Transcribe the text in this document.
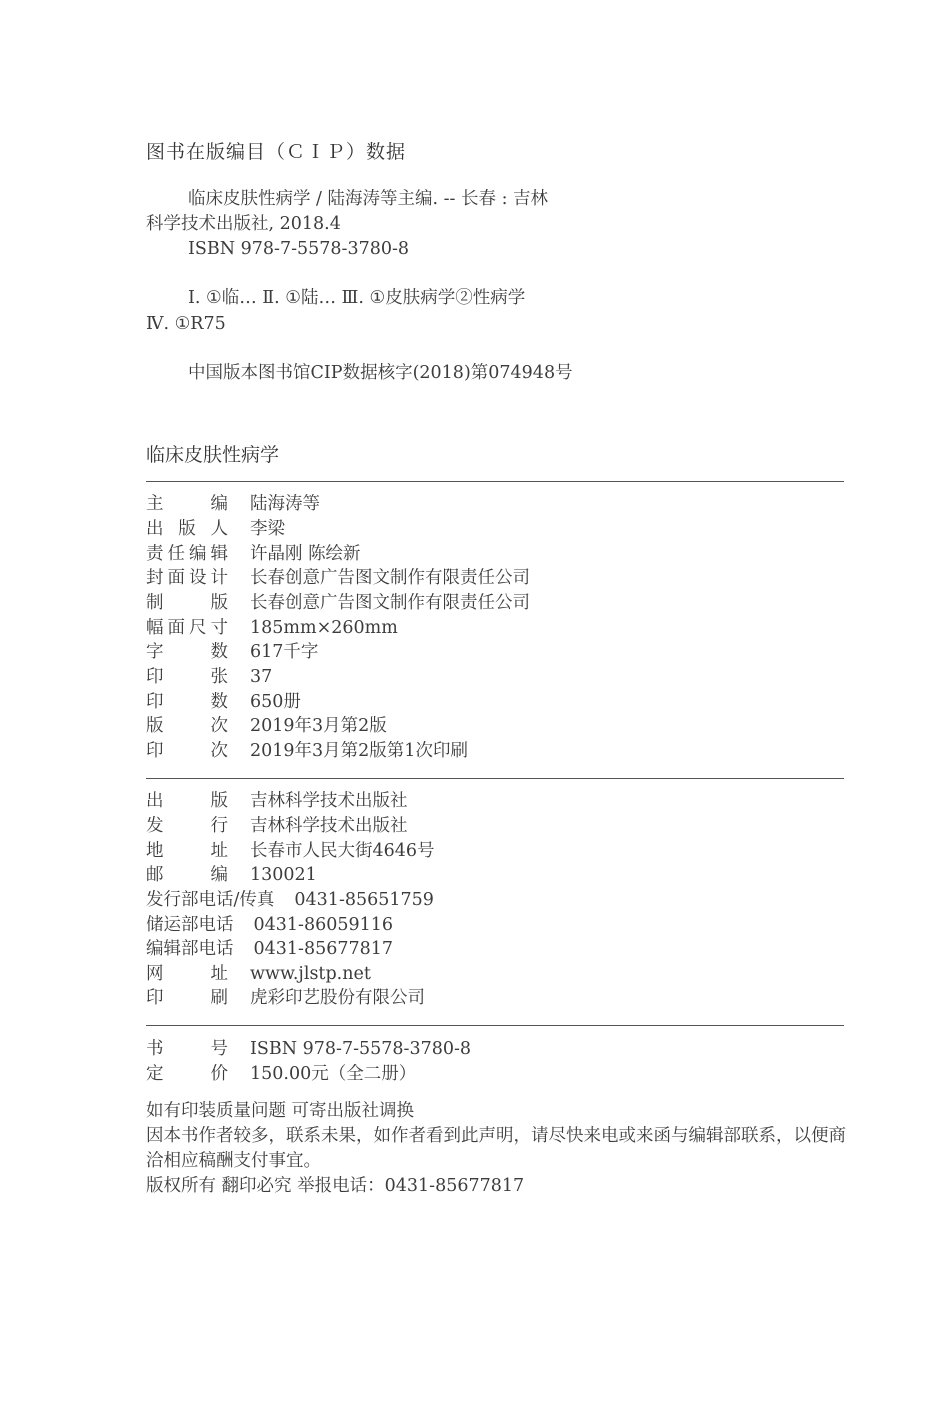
图书在版编目（ＣＩＰ）数据
临床皮肤性病学 / 陆海涛等主编. -- 长春 : 吉林
科学技术出版社, 2018.4
ISBN 978-7-5578-3780-8
Ⅰ. ①临… Ⅱ. ①陆… Ⅲ. ①皮肤病学②性病学
Ⅳ. ①R75
中国版本图书馆CIP数据核字(2018)第074948号
临床皮肤性病学
主编 陆海涛等
出版人 李梁
责任编辑 许晶刚 陈绘新
封面设计 长春创意广告图文制作有限责任公司
制版 长春创意广告图文制作有限责任公司
幅面尺寸 185mm×260mm
字数 617千字
印张 37
印数 650册
版次 2019年3月第2版
印次 2019年3月第2版第1次印刷
出版 吉林科学技术出版社
发行 吉林科学技术出版社
地址 长春市人民大街4646号
邮编 130021
发行部电话/传真 0431-85651759
储运部电话 0431-86059116
编辑部电话 0431-85677817
网址 www.jlstp.net
印刷 虎彩印艺股份有限公司
书号 ISBN 978-7-5578-3780-8
定价 150.00元（全二册）
如有印装质量问题 可寄出版社调换
因本书作者较多，联系未果，如作者看到此声明，请尽快来电或来函与编辑部联系，以便商洽相应稿酬支付事宜。
版权所有 翻印必究 举报电话：0431-85677817
